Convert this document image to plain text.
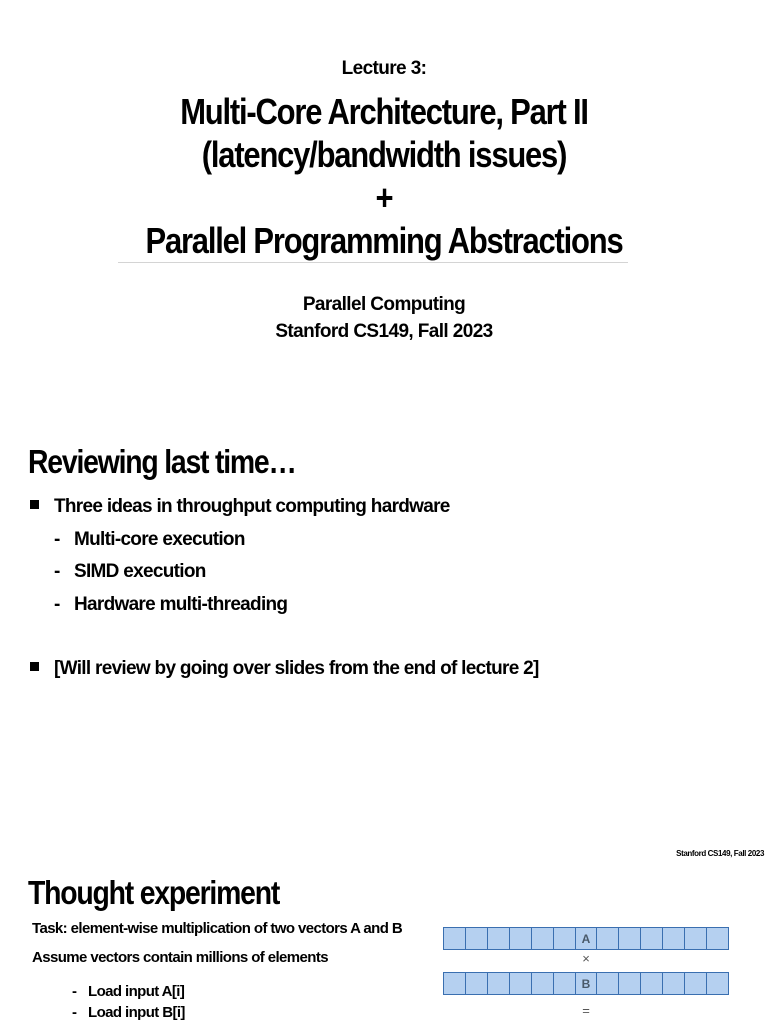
Lecture 3:
Multi-Core Architecture, Part II
(latency/bandwidth issues)
+
Parallel Programming Abstractions
Parallel Computing
Stanford CS149, Fall 2023
Reviewing last time…
Three ideas in throughput computing hardware
- Multi-core execution
- SIMD execution
- Hardware multi-threading
[Will review by going over slides from the end of lecture 2]
Stanford CS149, Fall 2023
Thought experiment
Task: element-wise multiplication of two vectors A and B
Assume vectors contain millions of elements
- Load input A[i]
- Load input B[i]
A
×
B
=
